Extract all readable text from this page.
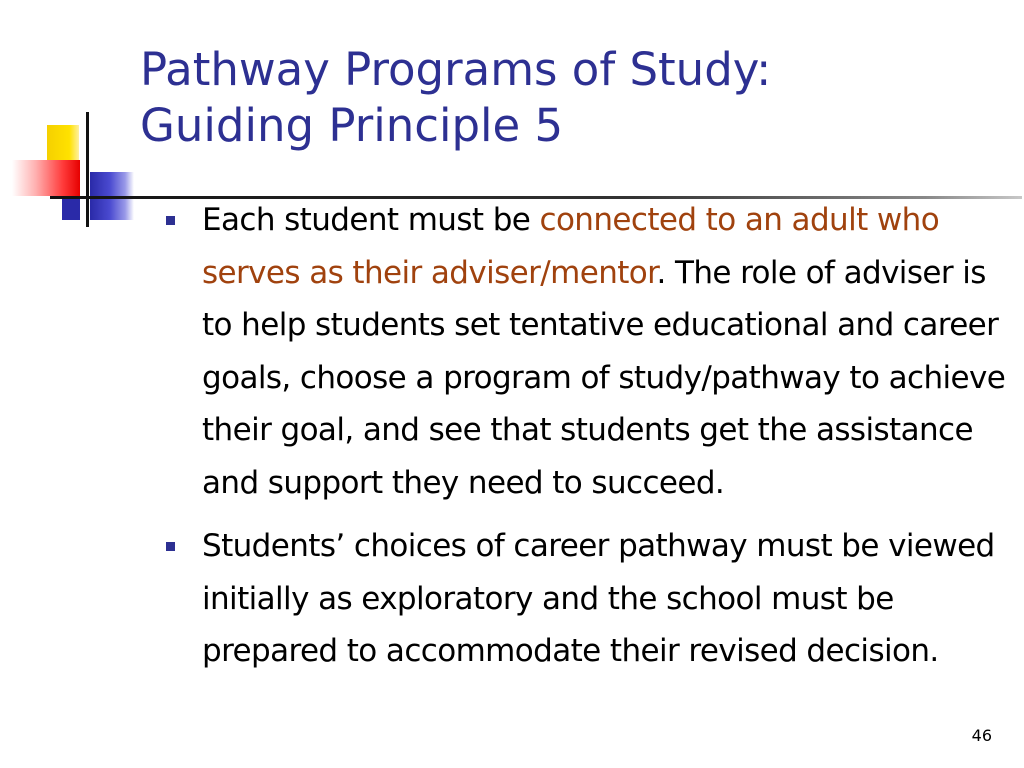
Pathway Programs of Study:
Guiding Principle 5
Each student must be connected to an adult who serves as their adviser/mentor. The role of adviser is to help students set tentative educational and career goals, choose a program of study/pathway to achieve their goal, and see that students get the assistance and support they need to succeed.
Students’ choices of career pathway must be viewed initially as exploratory and the school must be prepared to accommodate their revised decision.
46
